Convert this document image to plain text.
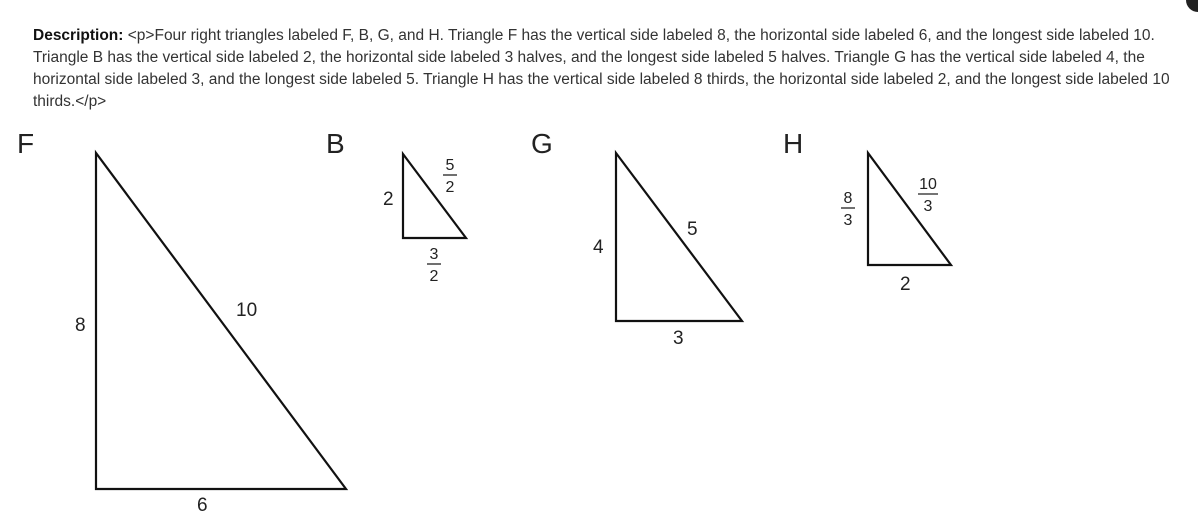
Description: <p>Four right triangles labeled F, B, G, and H. Triangle F has the vertical side labeled 8, the horizontal side labeled 6, and the longest side labeled 10. Triangle B has the vertical side labeled 2, the horizontal side labeled 3 halves, and the longest side labeled 5 halves. Triangle G has the vertical side labeled 4, the horizontal side labeled 3, and the longest side labeled 5. Triangle H has the vertical side labeled 8 thirds, the horizontal side labeled 2, and the longest side labeled 10 thirds.</p>

F
8
6
10
B
2
3
2
5
2
G
4
3
5
H
8
3
2
10
3
